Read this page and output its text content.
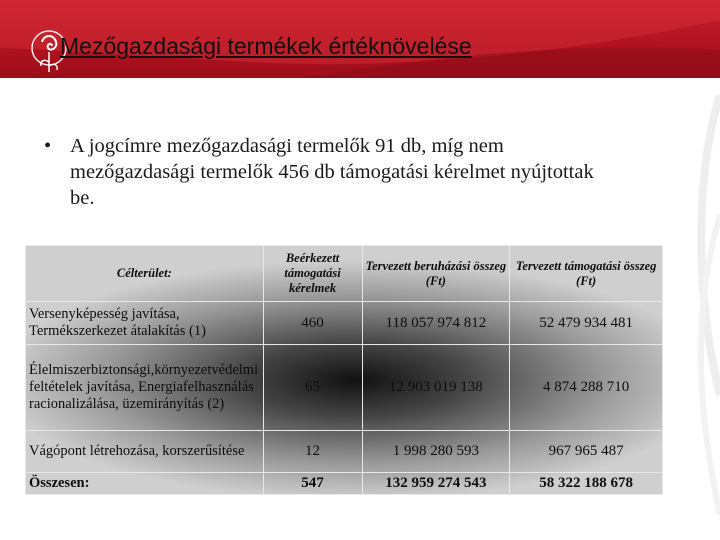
Mezőgazdasági termékek értéknövelése
• A jogcímre mezőgazdasági termelők 91 db, míg nem mezőgazdasági termelők 456 db támogatási kérelmet nyújtottak be.
Célterület:	Beérkezett támogatási kérelmek	Tervezett beruházási összeg (Ft)	Tervezett támogatási összeg (Ft)
Versenyképesség javítása, Termékszerkezet átalakítás (1)	460	118 057 974 812	52 479 934 481
Élelmiszerbiztonsági,környezetvédelmi feltételek javítása, Energiafelhasználás racionalizálása, üzemirányítás (2)	65	12 903 019 138	4 874 288 710
Vágópont létrehozása, korszerűsítése	12	1 998 280 593	967 965 487
Összesen:	547	132 959 274 543	58 322 188 678
